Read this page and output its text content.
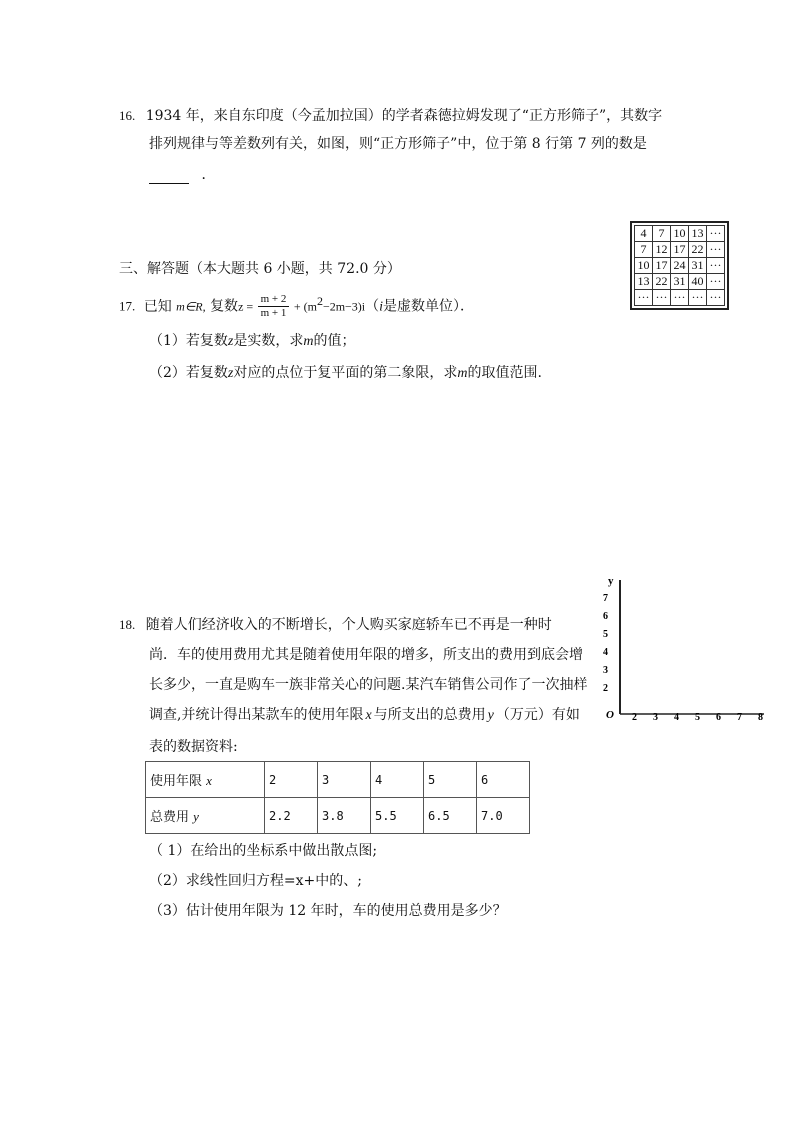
16. 1934 年，来自东印度（今孟加拉国）的学者森德拉姆发现了“正方形筛子”，其数字
排列规律与等差数列有关，如图，则“正方形筛子”中，位于第 8 行第 7 列的数是
．
4	7	10	13	···
7	12	17	22	···
10	17	24	31	···
13	22	31	40	···
···	···	···	···	···
三、解答题（本大题共 6 小题，共 72.0 分）
17. 已知 m∈R, 复数$z = \frac{m + 2}{m + 1} + (m^2-2m-3)i(i$是虚数单位）．
（1）若复数z是实数，求m的值；
（2）若复数z对应的点位于复平面的第二象限，求m的取值范围.
18. 随着人们经济收入的不断增长，个人购买家庭轿车已不再是一种时
尚．车的使用费用尤其是随着使用年限的增多，所支出的费用到底会增
长多少，一直是购车一族非常关心的问题.某汽车销售公司作了一次抽样
调查,并统计得出某款车的使用年限 x 与所支出的总费用 y （万元）有如
表的数据资料:
使用年限 x	2	3	4	5	6
总费用 y	2.2	3.8	5.5	6.5	7.0
（ 1）在给出的坐标系中做出散点图;
（2）求线性回归方程=x+中的、;
（3）估计使用年限为 12 年时，车的使用总费用是多少？
y
O
7
6
5
4
3
2
2 3 4 5 6 7 8
